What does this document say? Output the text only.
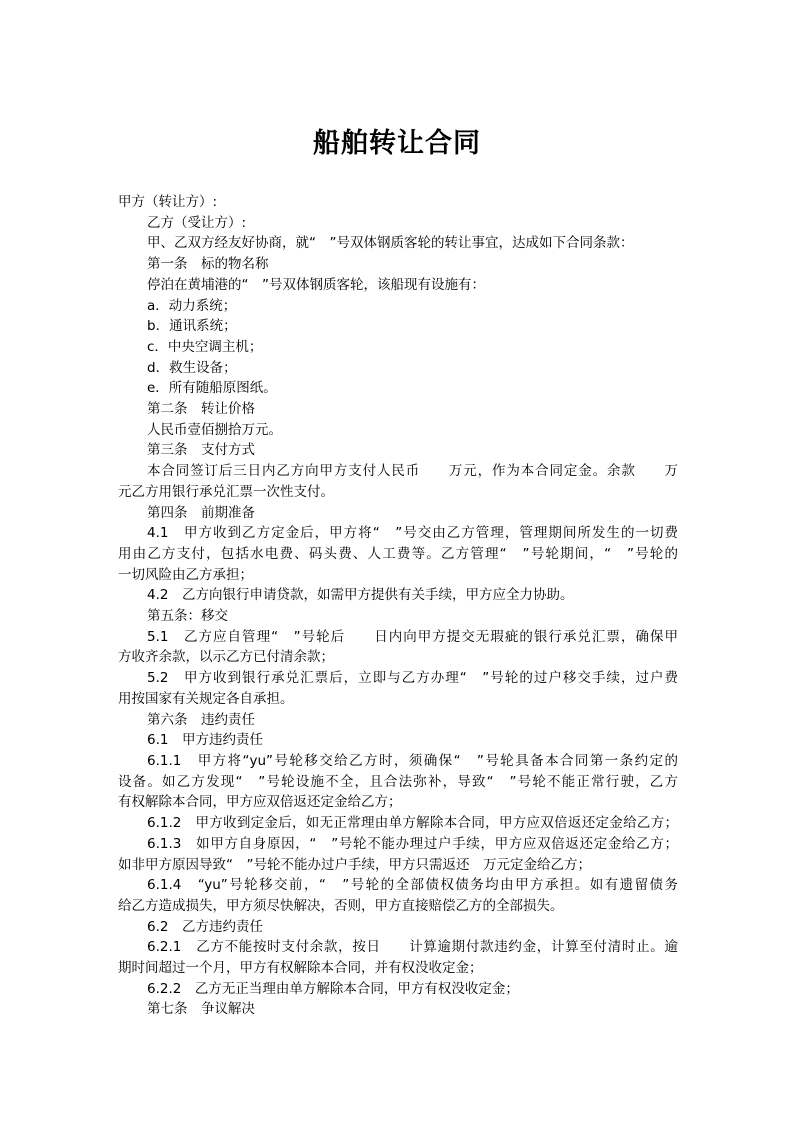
船舶转让合同
甲方（转让方）:
乙方（受让方）:
甲、乙双方经友好协商，就“　”号双体钢质客轮的转让事宜，达成如下合同条款：
第一条　标的物名称
停泊在黄埔港的“　”号双体钢质客轮，该船现有设施有：
a．动力系统；
b．通讯系统；
c．中央空调主机；
d．救生设备；
e．所有随船原图纸。
第二条　转让价格
人民币壹佰捌拾万元。
第三条　支付方式
本合同签订后三日内乙方向甲方支付人民币　　万元，作为本合同定金。余款　　万
元乙方用银行承兑汇票一次性支付。
第四条　前期准备
4.1　甲方收到乙方定金后，甲方将“　”号交由乙方管理，管理期间所发生的一切费
用由乙方支付，包括水电费、码头费、人工费等。乙方管理“　”号轮期间，“　”号轮的
一切风险由乙方承担；
4.2　乙方向银行申请贷款，如需甲方提供有关手续，甲方应全力协助。
第五条：移交
5.1　乙方应自管理“　”号轮后　　日内向甲方提交无瑕疵的银行承兑汇票，确保甲
方收齐余款，以示乙方已付清余款；
5.2　甲方收到银行承兑汇票后，立即与乙方办理“　”号轮的过户移交手续，过户费
用按国家有关规定各自承担。
第六条　违约责任
6.1　甲方违约责任
6.1.1　甲方将“yu”号轮移交给乙方时，须确保“　”号轮具备本合同第一条约定的
设备。如乙方发现“　”号轮设施不全，且合法弥补，导致“　”号轮不能正常行驶，乙方
有权解除本合同，甲方应双倍返还定金给乙方；
6.1.2　甲方收到定金后，如无正常理由单方解除本合同，甲方应双倍返还定金给乙方；
6.1.3　如甲方自身原因，“　”号轮不能办理过户手续，甲方应双倍返还定金给乙方；
如非甲方原因导致“　”号轮不能办过户手续，甲方只需返还　万元定金给乙方；
6.1.4　“yu”号轮移交前，“　”号轮的全部债权债务均由甲方承担。如有遗留债务
给乙方造成损失，甲方须尽快解决，否则，甲方直接赔偿乙方的全部损失。
6.2　乙方违约责任
6.2.1　乙方不能按时支付余款，按日　　计算逾期付款违约金，计算至付清时止。逾
期时间超过一个月，甲方有权解除本合同，并有权没收定金；
6.2.2　乙方无正当理由单方解除本合同，甲方有权没收定金；
第七条　争议解决
